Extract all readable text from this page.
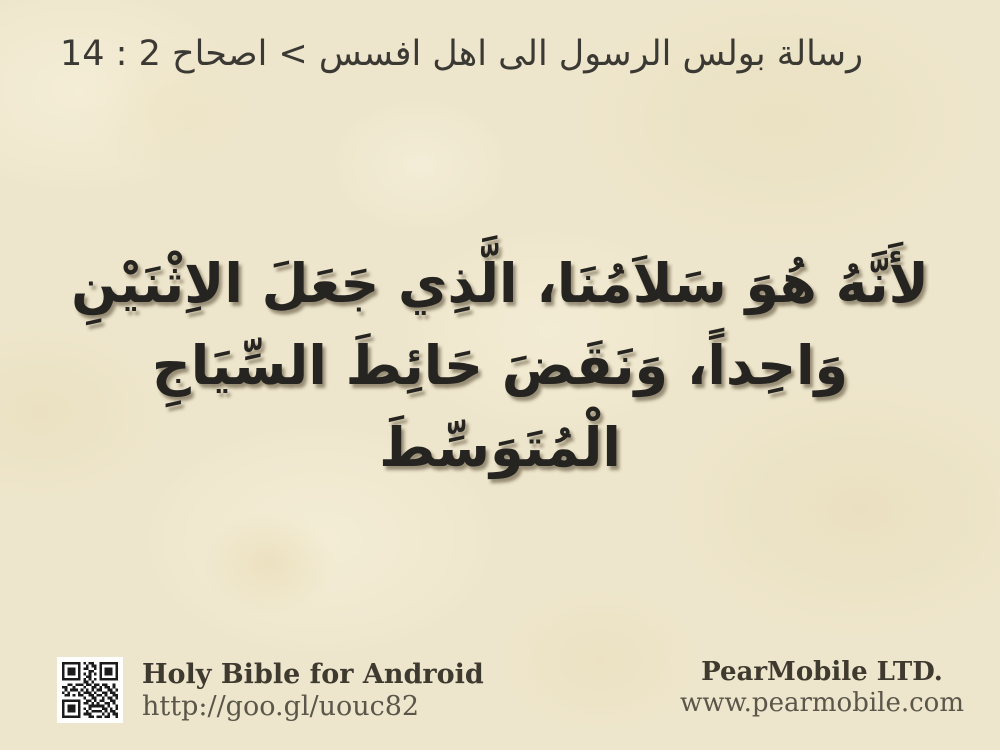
رسالة بولس الرسول الى اهل افسس > اصحاح 2 : 14
لأَنَّهُ هُوَ سَلاَمُنَا، الَّذِي جَعَلَ الاِثْنَيْنِ
وَاحِداً، وَنَقَضَ حَائِطَ السِّيَاجِ
الْمُتَوَسِّطَ
Holy Bible for Android
http://goo.gl/uouc82
PearMobile LTD.
www.pearmobile.com
